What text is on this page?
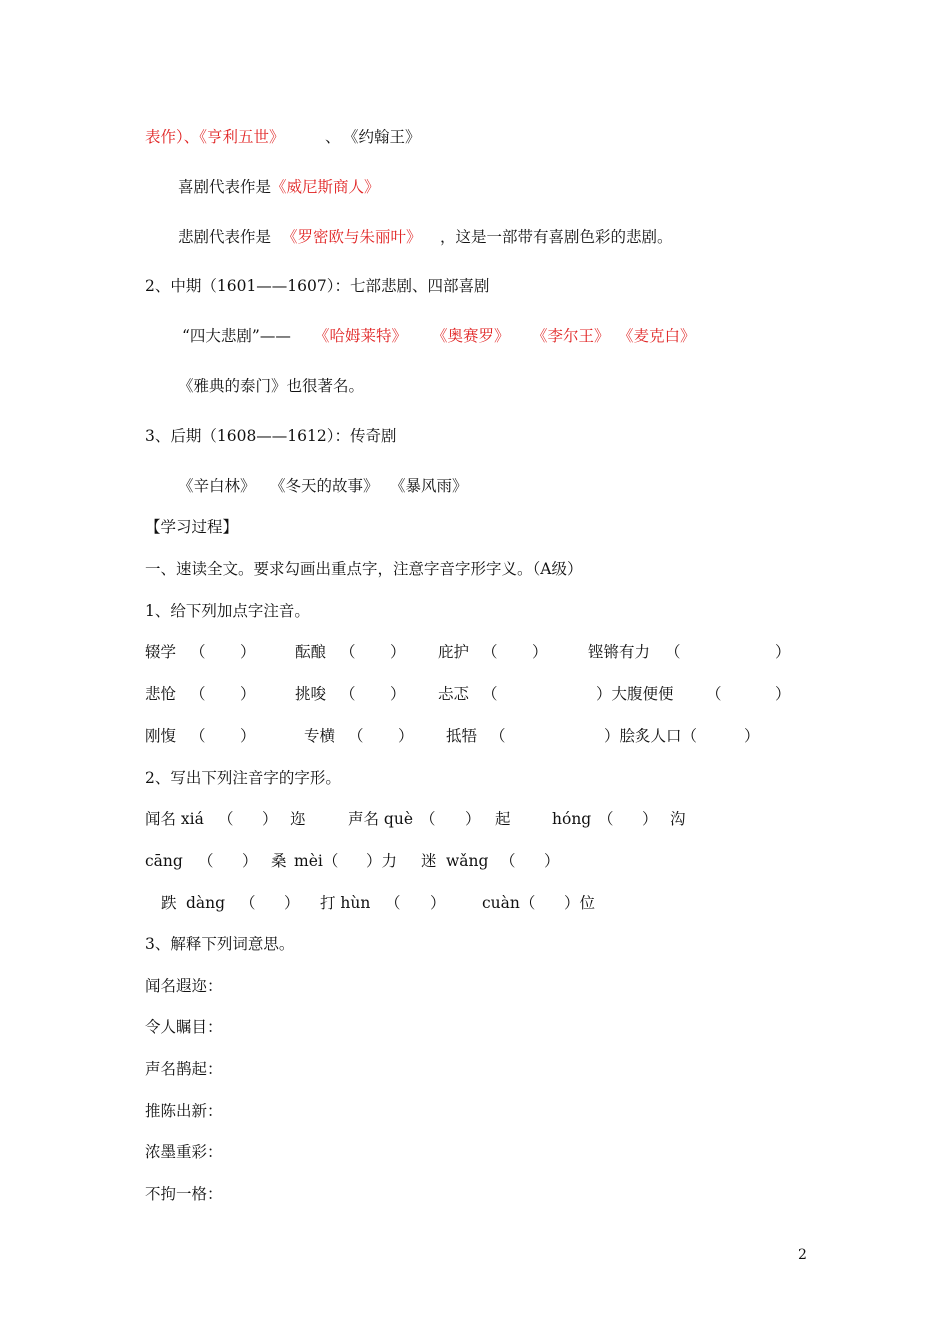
表作）、《亨利五世》	、 《约翰王》
喜剧代表作是《威尼斯商人》
悲剧代表作是 《罗密欧与朱丽叶》 ，这是一部带有喜剧色彩的悲剧。
2、中期（1601——1607）：七部悲剧、四部喜剧
“四大悲剧”—— 《哈姆莱特》 《奥赛罗》 《李尔王》 《麦克白》
《雅典的泰门》也很著名。
3、后期（1608——1612）：传奇剧
《辛白林》 《冬天的故事》 《暴风雨》
【学习过程】
一、速读全文。要求勾画出重点字，注意字音字形字义。（A级）
1、给下列加点字注音。
辍学 （ ）	酝酿 （ ） 庇护 （ ）	铿锵有力 （	）
悲怆 （ ）	挑唆 （ ） 忐忑 （	）大腹便便 （	）
刚愎 （ ）	专横 （ ） 抵牾 （	）脍炙人口（	）
2、写出下列注音字的字形。
闻名 xiá （ ） 迩	声名 què （ ） 起	hóng （ ） 沟
cāng （ ） 桑 mèi（ ）力 迷 wǎng （ ）
跌 dàng （ ） 打 hùn （ ） cuàn（ ）位
3、解释下列词意思。
闻名遐迩：
令人瞩目：
声名鹊起：
推陈出新：
浓墨重彩：
不拘一格：
2
